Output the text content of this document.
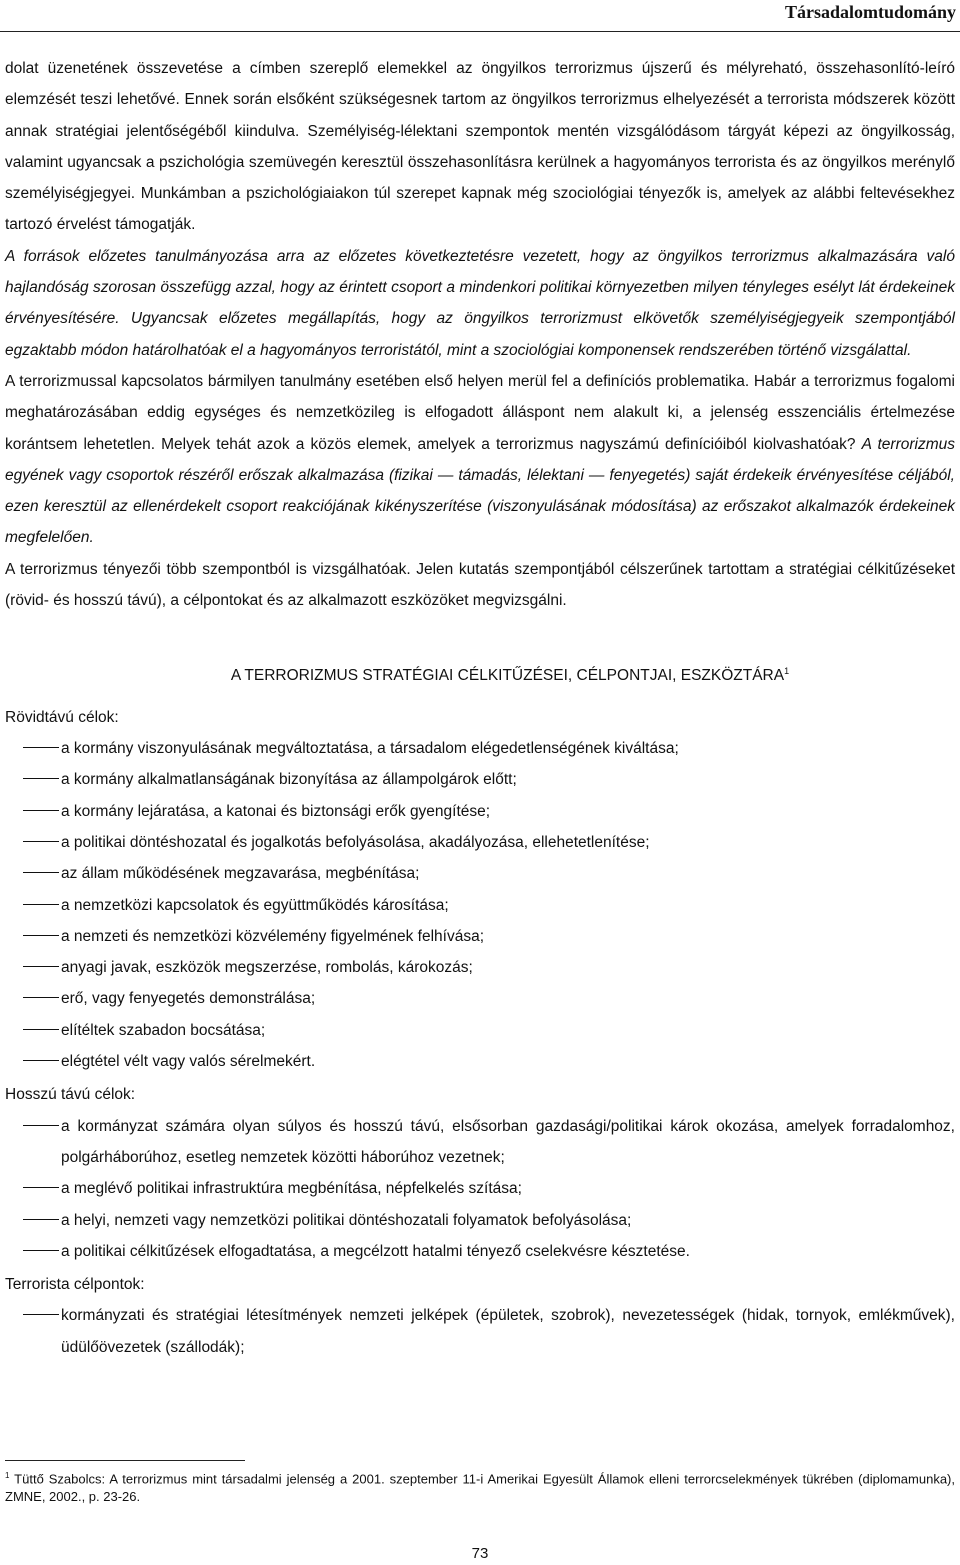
Társadalomtudomány

dolat üzenetének összevetése a címben szereplő elemekkel az öngyilkos terrorizmus újszerű és mélyreható, összehasonlító-leíró elemzését teszi lehetővé. Ennek során elsőként szükségesnek tartom az öngyilkos terrorizmus elhelyezését a terrorista módszerek között annak stratégiai jelentőségéből kiindulva. Személyiség-lélektani szempontok mentén vizsgálódásom tárgyát képezi az öngyilkosság, valamint ugyancsak a pszichológia szemüvegén keresztül összehasonlításra kerülnek a hagyományos terrorista és az öngyilkos merénylő személyiségjegyei. Munkámban a pszichológiaiakon túl szerepet kapnak még szociológiai tényezők is, amelyek az alábbi feltevésekhez tartozó érvelést támogatják.

A források előzetes tanulmányozása arra az előzetes következtetésre vezetett, hogy az öngyilkos terrorizmus alkalmazására való hajlandóság szorosan összefügg azzal, hogy az érintett csoport a mindenkori politikai környezetben milyen tényleges esélyt lát érdekeinek érvényesítésére. Ugyancsak előzetes megállapítás, hogy az öngyilkos terrorizmust elkövetők személyiségjegyeik szempontjából egzaktabb módon határolhatóak el a hagyományos terroristától, mint a szociológiai komponensek rendszerében történő vizsgálattal.

A terrorizmussal kapcsolatos bármilyen tanulmány esetében első helyen merül fel a definíciós problematika. Habár a terrorizmus fogalomi meghatározásában eddig egységes és nemzetközileg is elfogadott álláspont nem alakult ki, a jelenség esszenciális értelmezése korántsem lehetetlen. Melyek tehát azok a közös elemek, amelyek a terrorizmus nagyszámú definícióiból kiolvashatóak? A terrorizmus egyének vagy csoportok részéről erőszak alkalmazása (fizikai — támadás, lélektani — fenyegetés) saját érdekeik érvényesítése céljából, ezen keresztül az ellenérdekelt csoport reakciójának kikényszerítése (viszonyulásának módosítása) az erőszakot alkalmazók érdekeinek megfelelően.

A terrorizmus tényezői több szempontból is vizsgálhatóak. Jelen kutatás szempontjából célszerűnek tartottam a stratégiai célkitűzéseket (rövid- és hosszú távú), a célpontokat és az alkalmazott eszközöket megvizsgálni.

A TERRORIZMUS STRATÉGIAI CÉLKITŰZÉSEI, CÉLPONTJAI, ESZKÖZTÁRA$^1$

Rövidtávú célok:

a kormány viszonyulásának megváltoztatása, a társadalom elégedetlenségének kiváltása;
a kormány alkalmatlanságának bizonyítása az állampolgárok előtt;
a kormány lejáratása, a katonai és biztonsági erők gyengítése;
a politikai döntéshozatal és jogalkotás befolyásolása, akadályozása, ellehetetlenítése;
az állam működésének megzavarása, megbénítása;
a nemzetközi kapcsolatok és együttműködés károsítása;
a nemzeti és nemzetközi közvélemény figyelmének felhívása;
anyagi javak, eszközök megszerzése, rombolás, károkozás;
erő, vagy fenyegetés demonstrálása;
elítéltek szabadon bocsátása;
elégtétel vélt vagy valós sérelmekért.

Hosszú távú célok:

a kormányzat számára olyan súlyos és hosszú távú, elsősorban gazdasági/politikai károk okozása, amelyek forradalomhoz, polgárháborúhoz, esetleg nemzetek közötti háborúhoz vezetnek;
a meglévő politikai infrastruktúra megbénítása, népfelkelés szítása;
a helyi, nemzeti vagy nemzetközi politikai döntéshozatali folyamatok befolyásolása;
a politikai célkitűzések elfogadtatása, a megcélzott hatalmi tényező cselekvésre késztetése.

Terrorista célpontok:

kormányzati és stratégiai létesítmények nemzeti jelképek (épületek, szobrok), nevezetességek (hidak, tornyok, emlékművek), üdülőövezetek (szállodák);
$^1$ Tüttő Szabolcs: A terrorizmus mint társadalmi jelenség a 2001. szeptember 11-i Amerikai Egyesült Államok elleni terrorcselekmények tükrében (diplomamunka), ZMNE, 2002., p. 23-26.
73
